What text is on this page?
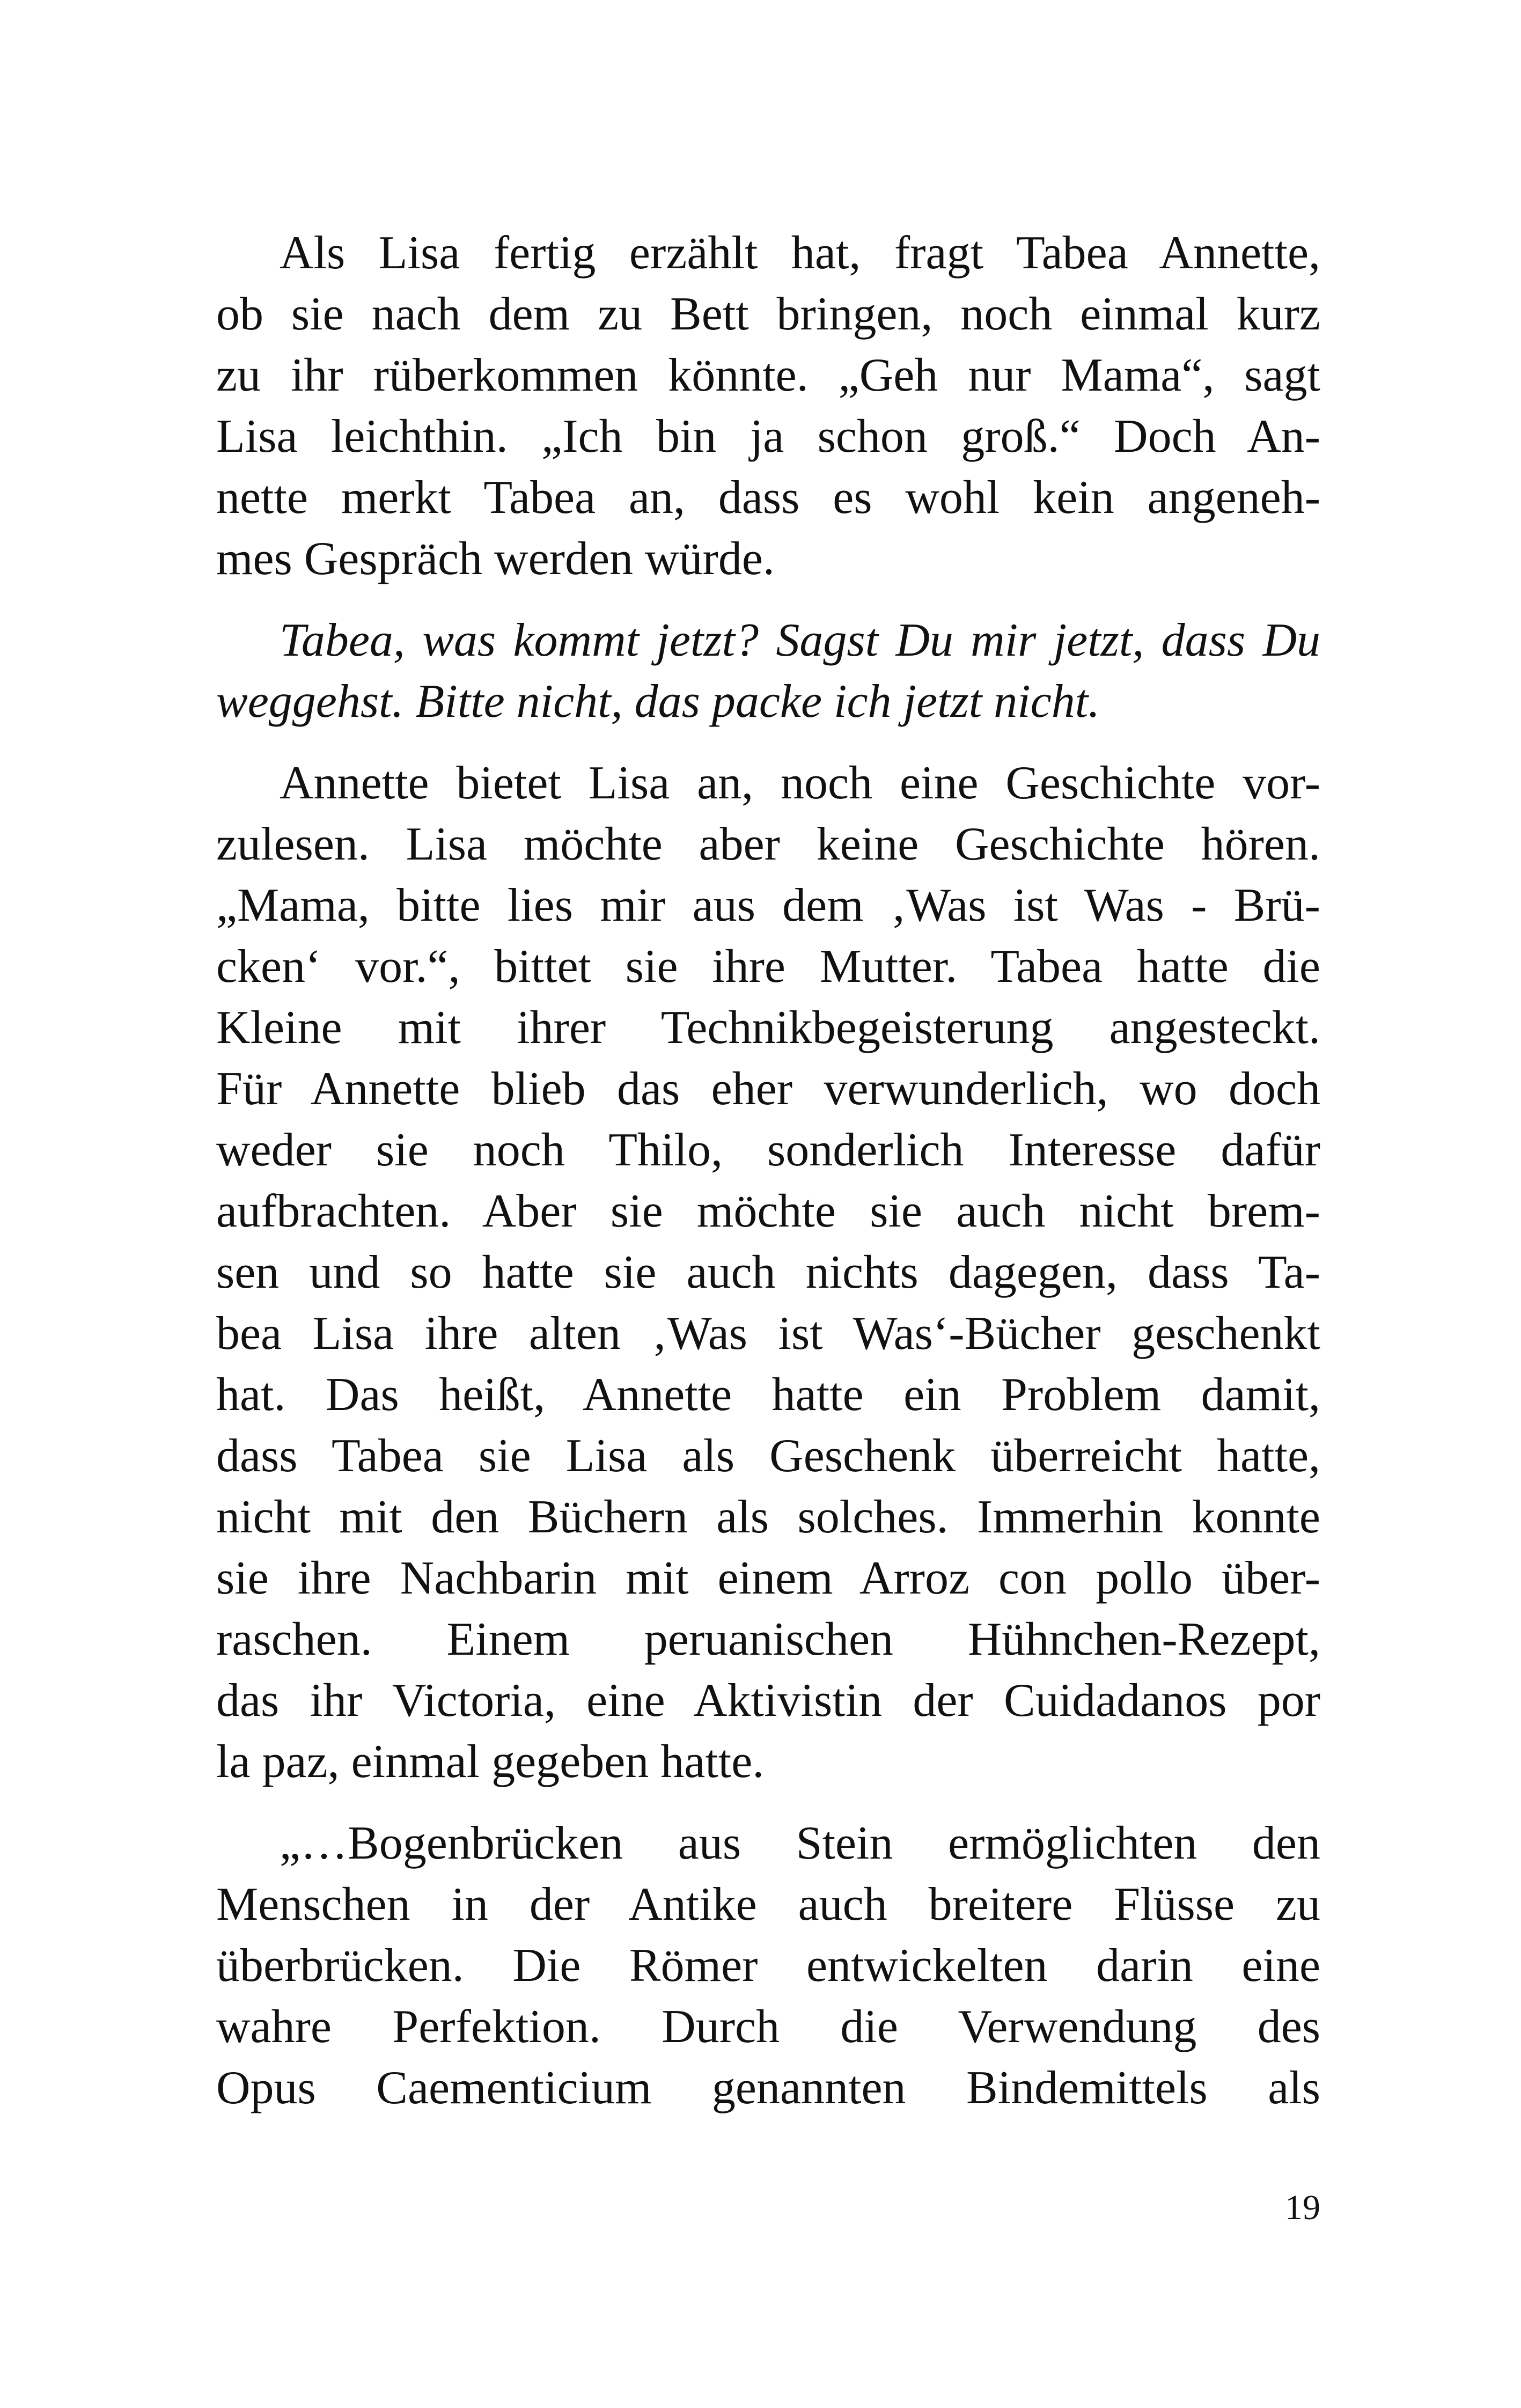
Als Lisa fertig erzählt hat, fragt Tabea Annette,
ob sie nach dem zu Bett bringen, noch einmal kurz
zu ihr rüberkommen könnte. „Geh nur Mama“, sagt
Lisa leichthin. „Ich bin ja schon groß.“ Doch An-
nette merkt Tabea an, dass es wohl kein angeneh-
mes Gespräch werden würde.
Tabea, was kommt jetzt? Sagst Du mir jetzt, dass Du
weggehst. Bitte nicht, das packe ich jetzt nicht.
Annette bietet Lisa an, noch eine Geschichte vor-
zulesen. Lisa möchte aber keine Geschichte hören.
„Mama, bitte lies mir aus dem ‚Was ist Was - Brü-
cken‘ vor.“, bittet sie ihre Mutter. Tabea hatte die
Kleine mit ihrer Technikbegeisterung angesteckt.
Für Annette blieb das eher verwunderlich, wo doch
weder sie noch Thilo, sonderlich Interesse dafür
aufbrachten. Aber sie möchte sie auch nicht brem-
sen und so hatte sie auch nichts dagegen, dass Ta-
bea Lisa ihre alten ‚Was ist Was‘-Bücher geschenkt
hat. Das heißt, Annette hatte ein Problem damit,
dass Tabea sie Lisa als Geschenk überreicht hatte,
nicht mit den Büchern als solches. Immerhin konnte
sie ihre Nachbarin mit einem Arroz con pollo über-
raschen. Einem peruanischen Hühnchen-Rezept,
das ihr Victoria, eine Aktivistin der Cuidadanos por
la paz, einmal gegeben hatte.
„…Bogenbrücken aus Stein ermöglichten den
Menschen in der Antike auch breitere Flüsse zu
überbrücken. Die Römer entwickelten darin eine
wahre Perfektion. Durch die Verwendung des
Opus Caementicium genannten Bindemittels als
19
